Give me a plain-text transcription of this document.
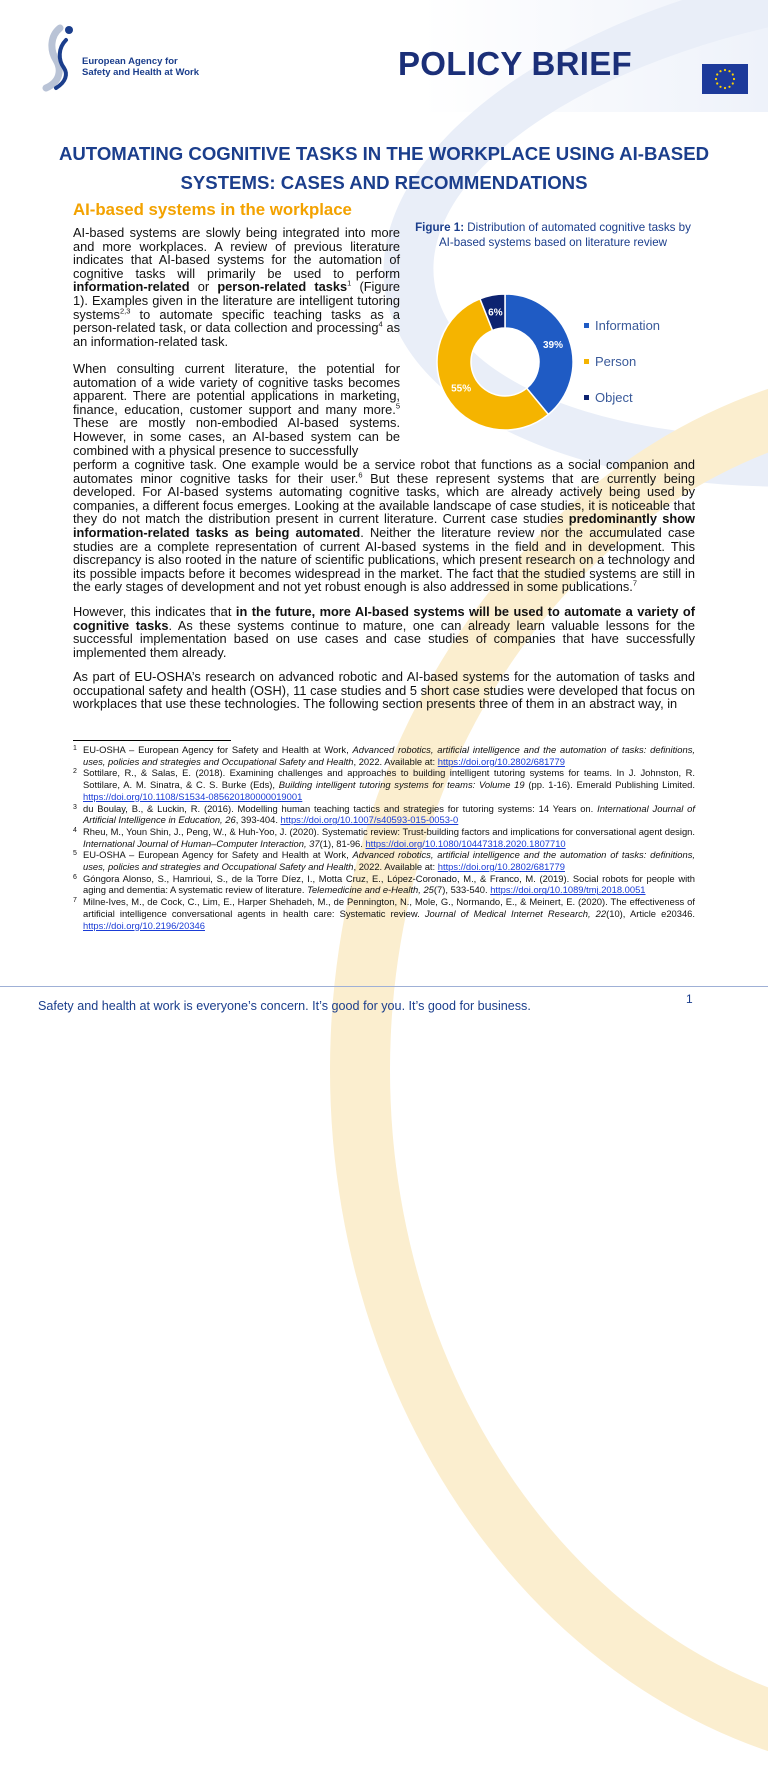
European Agency for Safety and Health at Work	POLICY BRIEF
AUTOMATING COGNITIVE TASKS IN THE WORKPLACE USING AI-BASED SYSTEMS: CASES AND RECOMMENDATIONS
AI-based systems in the workplace
Figure 1: Distribution of automated cognitive tasks by AI-based systems based on literature review
39%
55%
6%
Information
Person
Object

AI-based systems are slowly being integrated into more and more workplaces. A review of previous literature indicates that AI-based systems for the automation of cognitive tasks will primarily be used to perform information-related or person-related tasks$^1$ (Figure 1). Examples given in the literature are intelligent tutoring systems$^{2,3}$ to automate specific teaching tasks as a person-related task, or data collection and processing$^4$ as an information-related task.

When consulting current literature, the potential for automation of a wide variety of cognitive tasks becomes apparent. There are potential applications in marketing, finance, education, customer support and many more.$^5$ These are mostly non-embodied AI-based systems. However, in some cases, an AI-based system can be combined with a physical presence to successfully

perform a cognitive task. One example would be a service robot that functions as a social companion and automates minor cognitive tasks for their user.$^6$ But these represent systems that are currently being developed. For AI-based systems automating cognitive tasks, which are already actively being used by companies, a different focus emerges. Looking at the available landscape of case studies, it is noticeable that they do not match the distribution present in current literature. Current case studies predominantly show information-related tasks as being automated. Neither the literature review nor the accumulated case studies are a complete representation of current AI-based systems in the field and in development. This discrepancy is also rooted in the nature of scientific publications, which present research on a technology and its possible impacts before it becomes widespread in the market. The fact that the studied systems are still in the early stages of development and not yet robust enough is also addressed in some publications.$^7$

However, this indicates that in the future, more AI-based systems will be used to automate a variety of cognitive tasks. As these systems continue to mature, one can already learn valuable lessons for the successful implementation based on use cases and case studies of companies that have successfully implemented them already.

As part of EU-OSHA’s research on advanced robotic and AI-based systems for the automation of tasks and occupational safety and health (OSH), 11 case studies and 5 short case studies were developed that focus on workplaces that use these technologies. The following section presents three of them in an abstract way, in

1 EU-OSHA – European Agency for Safety and Health at Work, Advanced robotics, artificial intelligence and the automation of tasks: definitions, uses, policies and strategies and Occupational Safety and Health, 2022. Available at: https://doi.org/10.2802/681779
2 Sottilare, R., & Salas, E. (2018). Examining challenges and approaches to building intelligent tutoring systems for teams. In J. Johnston, R. Sottilare, A. M. Sinatra, & C. S. Burke (Eds), Building intelligent tutoring systems for teams: Volume 19 (pp. 1-16). Emerald Publishing Limited. https://doi.org/10.1108/S1534-085620180000019001
3 du Boulay, B., & Luckin, R. (2016). Modelling human teaching tactics and strategies for tutoring systems: 14 Years on. International Journal of Artificial Intelligence in Education, 26, 393-404. https://doi.org/10.1007/s40593-015-0053-0
4 Rheu, M., Youn Shin, J., Peng, W., & Huh-Yoo, J. (2020). Systematic review: Trust-building factors and implications for conversational agent design. International Journal of Human–Computer Interaction, 37(1), 81-96. https://doi.org/10.1080/10447318.2020.1807710
5 EU-OSHA – European Agency for Safety and Health at Work, Advanced robotics, artificial intelligence and the automation of tasks: definitions, uses, policies and strategies and Occupational Safety and Health, 2022. Available at: https://doi.org/10.2802/681779
6 Góngora Alonso, S., Hamrioui, S., de la Torre Díez, I., Motta Cruz, E., López-Coronado, M., & Franco, M. (2019). Social robots for people with aging and dementia: A systematic review of literature. Telemedicine and e-Health, 25(7), 533-540. https://doi.org/10.1089/tmj.2018.0051
7 Milne-Ives, M., de Cock, C., Lim, E., Harper Shehadeh, M., de Pennington, N., Mole, G., Normando, E., & Meinert, E. (2020). The effectiveness of artificial intelligence conversational agents in health care: Systematic review. Journal of Medical Internet Research, 22(10), Article e20346. https://doi.org/10.2196/20346
Safety and health at work is everyone’s concern. It’s good for you. It’s good for business.	1
